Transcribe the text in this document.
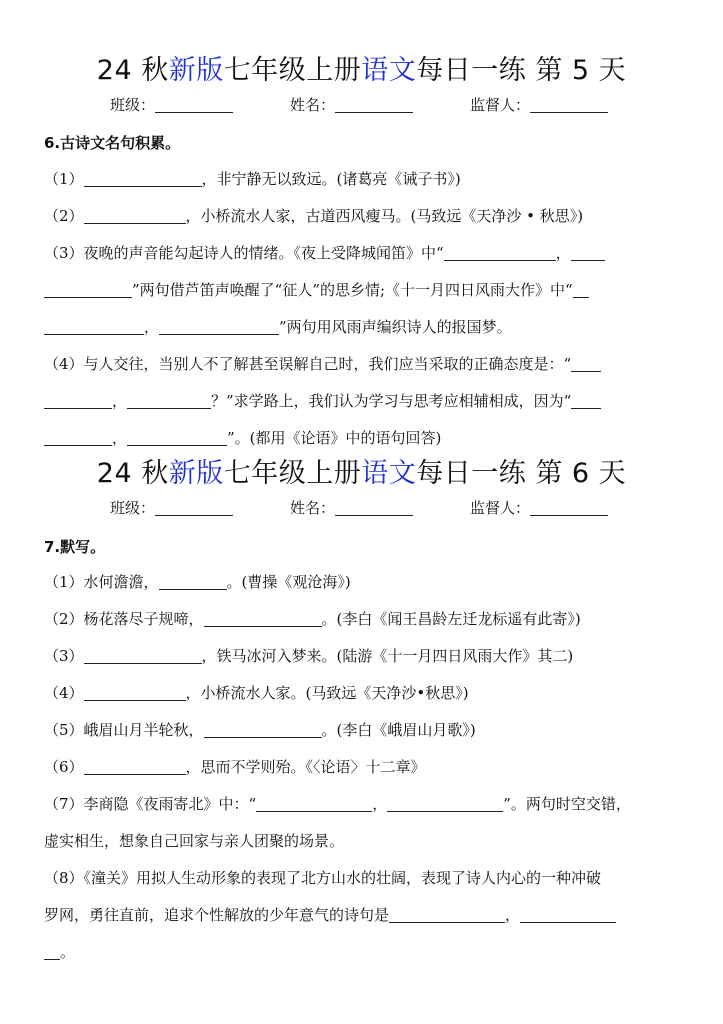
24 秋新版七年级上册语文每日一练 第 5 天
班级：	姓名：	监督人：
6.古诗文名句积累。
（1）	，非宁静无以致远。(诸葛亮《诫子书》)
（2）	，小桥流水人家，古道西风瘦马。(马致远《天净沙 • 秋思》)
（3）夜晚的声音能勾起诗人的情绪。《夜上受降城闻笛》中“	，
”两句借芦笛声唤醒了“征人”的思乡情;《十一月四日风雨大作》中“
，	”两句用风雨声编织诗人的报国梦。
（4）与人交往，当别人不了解甚至误解自己时，我们应当采取的正确态度是：“
，	？”求学路上，我们认为学习与思考应相辅相成，因为“
，	”。(都用《论语》中的语句回答)
24 秋新版七年级上册语文每日一练 第 6 天
班级：	姓名：	监督人：
7.默写。
（1）水何澹澹，	。(曹操《观沧海》)
（2）杨花落尽子规啼，	。(李白《闻王昌龄左迁龙标遥有此寄》)
（3）	，铁马冰河入梦来。(陆游《十一月四日风雨大作》其二)
（4）	，小桥流水人家。(马致远《天净沙•秋思》)
（5）峨眉山月半轮秋，	。(李白《峨眉山月歌》)
（6）	，思而不学则殆。《〈论语〉十二章》
（7）李商隐《夜雨寄北》中：“	，	”。两句时空交错，
虚实相生，想象自己回家与亲人团聚的场景。
（8）《潼关》用拟人生动形象的表现了北方山水的壮阔，表现了诗人内心的一种冲破
罗网，勇往直前，追求个性解放的少年意气的诗句是	，
。
